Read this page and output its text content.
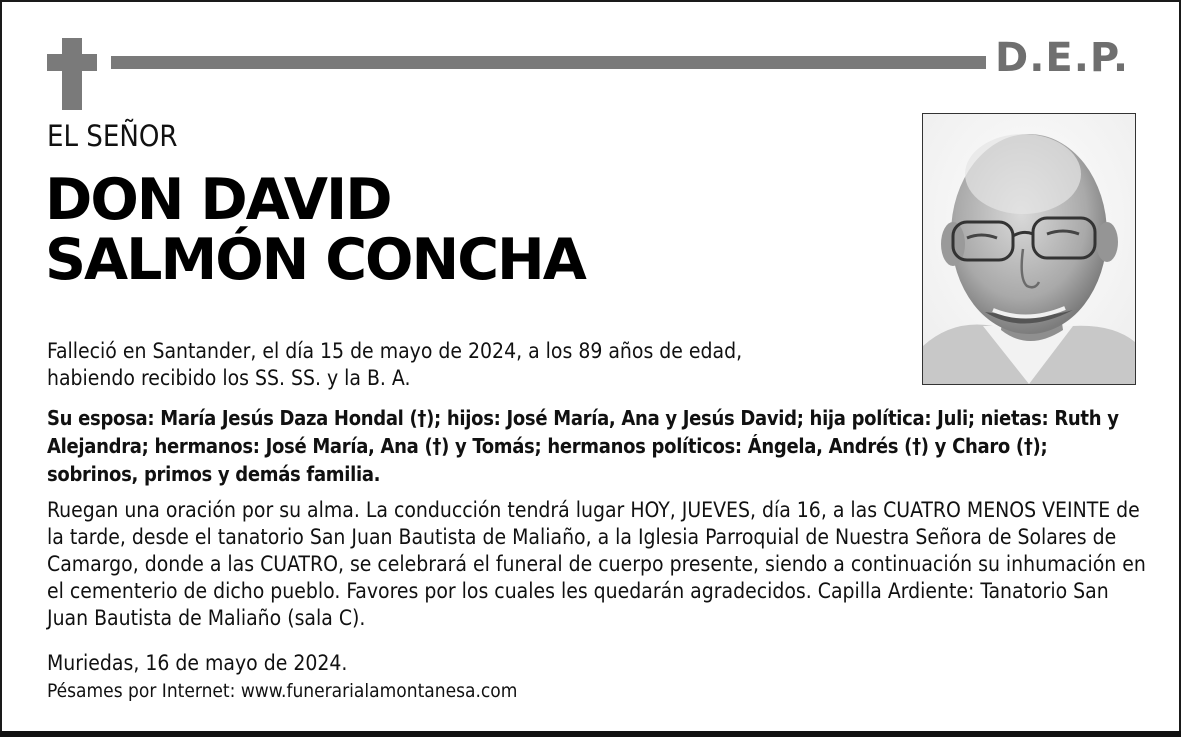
D.E.P.
EL SEÑOR
DON DAVID
SALMÓN CONCHA

Falleció en Santander, el día 15 de mayo de 2024, a los 89 años de edad,

habiendo recibido los SS. SS. y la B. A.

Su esposa: María Jesús Daza Hondal (†); hijos: José María, Ana y Jesús David; hija política: Juli; nietas: Ruth y Alejandra; hermanos: José María, Ana (†) y Tomás; hermanos políticos: Ángela, Andrés (†) y Charo (†); sobrinos, primos y demás familia.

Ruegan una oración por su alma. La conducción tendrá lugar HOY, JUEVES, día 16, a las CUATRO MENOS VEINTE de la tarde, desde el tanatorio San Juan Bautista de Maliaño, a la Iglesia Parroquial de Nuestra Señora de Solares de Camargo, donde a las CUATRO, se celebrará el funeral de cuerpo presente, siendo a continuación su inhumación en el cementerio de dicho pueblo. Favores por los cuales les quedarán agradecidos. Capilla Ardiente: Tanatorio San Juan Bautista de Maliaño (sala C).

Muriedas, 16 de mayo de 2024.

Pésames por Internet: www.funerarialamontanesa.com
